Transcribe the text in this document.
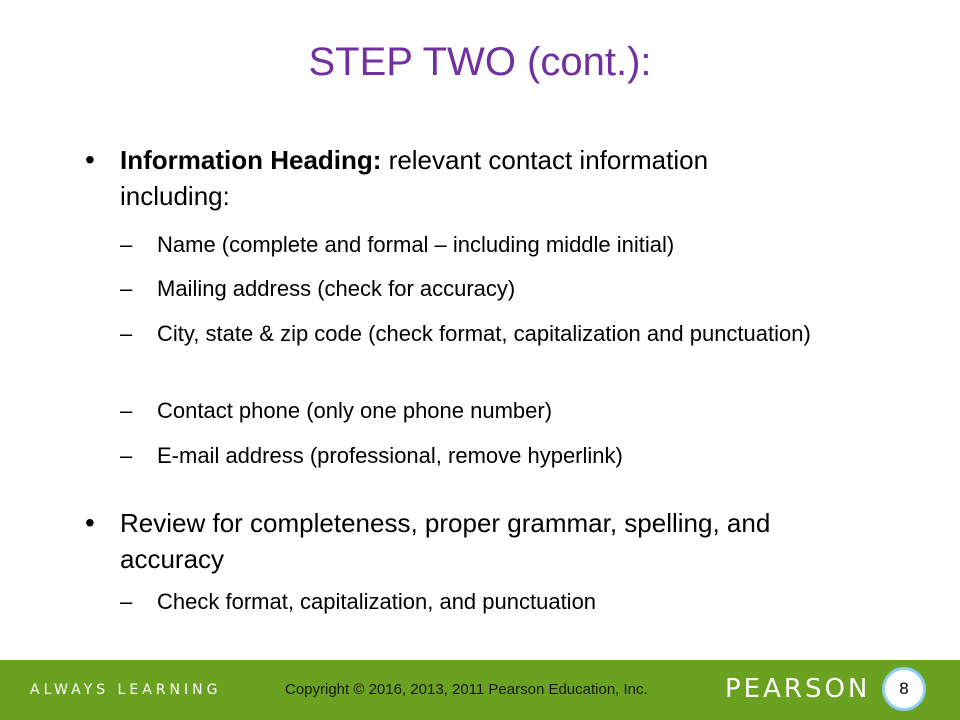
STEP TWO (cont.):
• Information Heading: relevant contact information including:
– Name (complete and formal – including middle initial)
– Mailing address (check for accuracy)
– City, state & zip code (check format, capitalization and punctuation)
– Contact phone (only one phone number)
– E-mail address (professional, remove hyperlink)
• Review for completeness, proper grammar, spelling, and accuracy
– Check format, capitalization, and punctuation
ALWAYS LEARNING	Copyright © 2016, 2013, 2011 Pearson Education, Inc.	PEARSON	8
